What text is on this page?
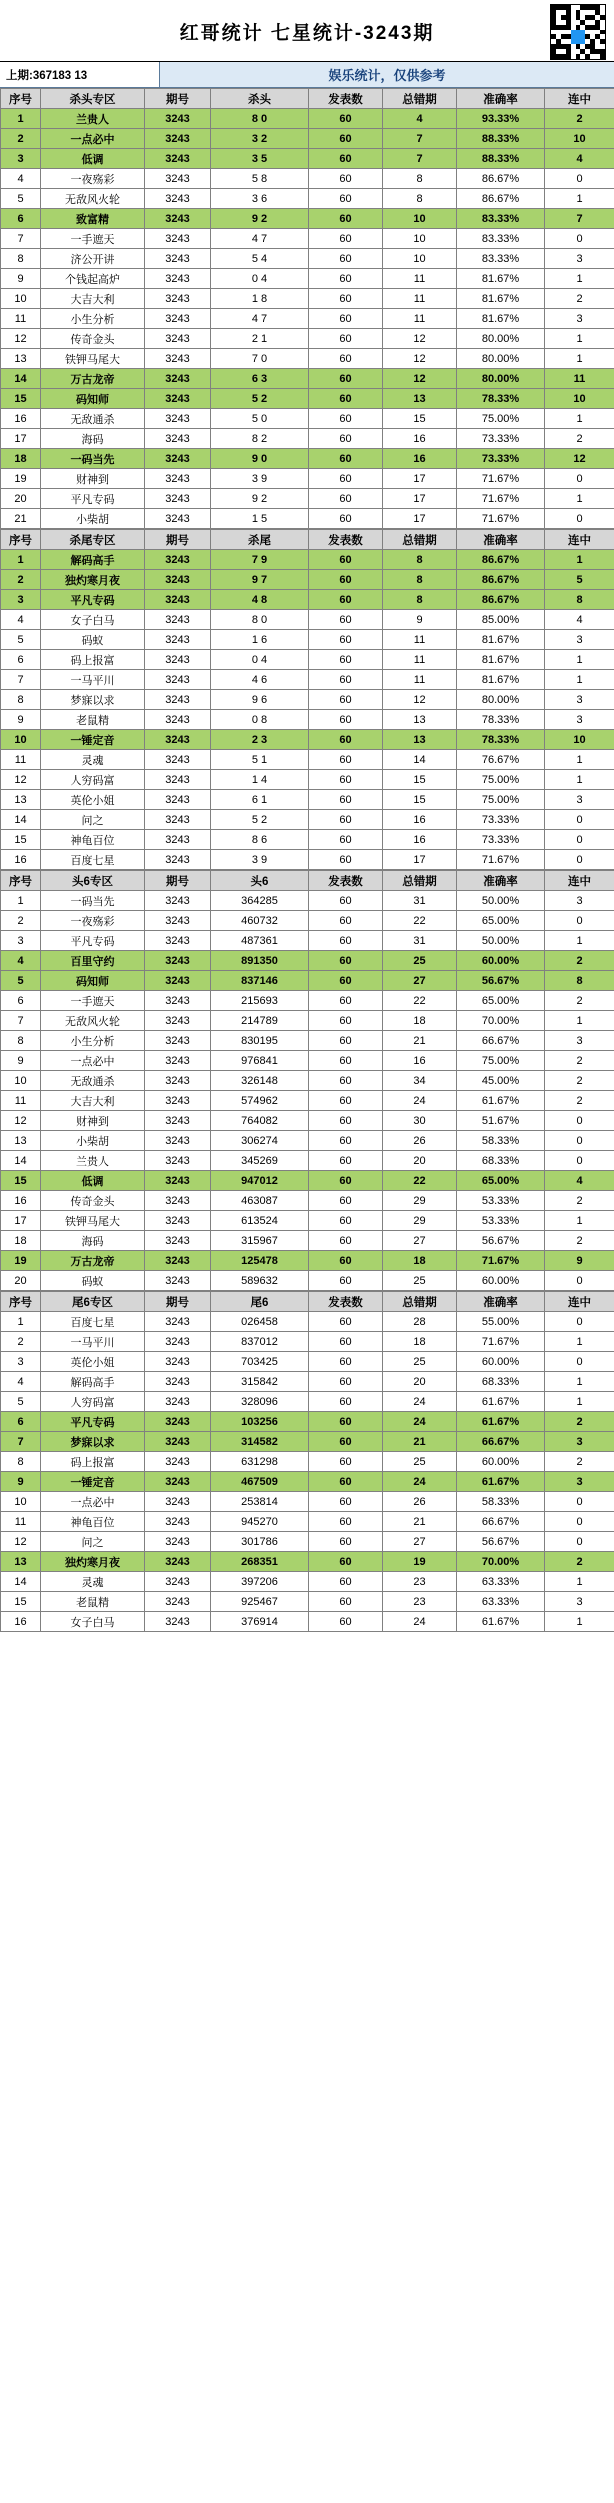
红哥统计 七星统计-3243期
上期:367183 13	娱乐统计，仅供参考
序号	杀头专区	期号	杀头	发表数	总错期	准确率	连中
1	兰贵人	3243	8 0	60	4	93.33%	2
2	一点必中	3243	3 2	60	7	88.33%	10
3	低调	3243	3 5	60	7	88.33%	4
4	一夜殇彩	3243	5 8	60	8	86.67%	0
5	无敌风火轮	3243	3 6	60	8	86.67%	1
6	致富精	3243	9 2	60	10	83.33%	7
7	一手遮天	3243	4 7	60	10	83.33%	0
8	济公开讲	3243	5 4	60	10	83.33%	3
9	个钱起高炉	3243	0 4	60	11	81.67%	1
10	大吉大利	3243	1 8	60	11	81.67%	2
11	小生分析	3243	4 7	60	11	81.67%	3
12	传奇金头	3243	2 1	60	12	80.00%	1
13	铁钾马尾大	3243	7 0	60	12	80.00%	1
14	万古龙帝	3243	6 3	60	12	80.00%	11
15	码知师	3243	5 2	60	13	78.33%	10
16	无敌通杀	3243	5 0	60	15	75.00%	1
17	海码	3243	8 2	60	16	73.33%	2
18	一码当先	3243	9 0	60	16	73.33%	12
19	财神到	3243	3 9	60	17	71.67%	0
20	平凡专码	3243	9 2	60	17	71.67%	1
21	小柴胡	3243	1 5	60	17	71.67%	0
序号	杀尾专区	期号	杀尾	发表数	总错期	准确率	连中
1	解码高手	3243	7 9	60	8	86.67%	1
2	独灼寒月夜	3243	9 7	60	8	86.67%	5
3	平凡专码	3243	4 8	60	8	86.67%	8
4	女子白马	3243	8 0	60	9	85.00%	4
5	码蚁	3243	1 6	60	11	81.67%	3
6	码上报富	3243	0 4	60	11	81.67%	1
7	一马平川	3243	4 6	60	11	81.67%	1
8	梦寐以求	3243	9 6	60	12	80.00%	3
9	老鼠精	3243	0 8	60	13	78.33%	3
10	一锤定音	3243	2 3	60	13	78.33%	10
11	灵魂	3243	5 1	60	14	76.67%	1
12	人穷码富	3243	1 4	60	15	75.00%	1
13	英伦小姐	3243	6 1	60	15	75.00%	3
14	问之	3243	5 2	60	16	73.33%	0
15	神龟百位	3243	8 6	60	16	73.33%	0
16	百度七星	3243	3 9	60	17	71.67%	0
序号	头6专区	期号	头6	发表数	总错期	准确率	连中
1	一码当先	3243	364285	60	31	50.00%	3
2	一夜殇彩	3243	460732	60	22	65.00%	0
3	平凡专码	3243	487361	60	31	50.00%	1
4	百里守约	3243	891350	60	25	60.00%	2
5	码知师	3243	837146	60	27	56.67%	8
6	一手遮天	3243	215693	60	22	65.00%	2
7	无敌风火轮	3243	214789	60	18	70.00%	1
8	小生分析	3243	830195	60	21	66.67%	3
9	一点必中	3243	976841	60	16	75.00%	2
10	无敌通杀	3243	326148	60	34	45.00%	2
11	大吉大利	3243	574962	60	24	61.67%	2
12	财神到	3243	764082	60	30	51.67%	0
13	小柴胡	3243	306274	60	26	58.33%	0
14	兰贵人	3243	345269	60	20	68.33%	0
15	低调	3243	947012	60	22	65.00%	4
16	传奇金头	3243	463087	60	29	53.33%	2
17	铁钾马尾大	3243	613524	60	29	53.33%	1
18	海码	3243	315967	60	27	56.67%	2
19	万古龙帝	3243	125478	60	18	71.67%	9
20	码蚁	3243	589632	60	25	60.00%	0
序号	尾6专区	期号	尾6	发表数	总错期	准确率	连中
1	百度七星	3243	026458	60	28	55.00%	0
2	一马平川	3243	837012	60	18	71.67%	1
3	英伦小姐	3243	703425	60	25	60.00%	0
4	解码高手	3243	315842	60	20	68.33%	1
5	人穷码富	3243	328096	60	24	61.67%	1
6	平凡专码	3243	103256	60	24	61.67%	2
7	梦寐以求	3243	314582	60	21	66.67%	3
8	码上报富	3243	631298	60	25	60.00%	2
9	一锤定音	3243	467509	60	24	61.67%	3
10	一点必中	3243	253814	60	26	58.33%	0
11	神龟百位	3243	945270	60	21	66.67%	0
12	问之	3243	301786	60	27	56.67%	0
13	独灼寒月夜	3243	268351	60	19	70.00%	2
14	灵魂	3243	397206	60	23	63.33%	1
15	老鼠精	3243	925467	60	23	63.33%	3
16	女子白马	3243	376914	60	24	61.67%	1
